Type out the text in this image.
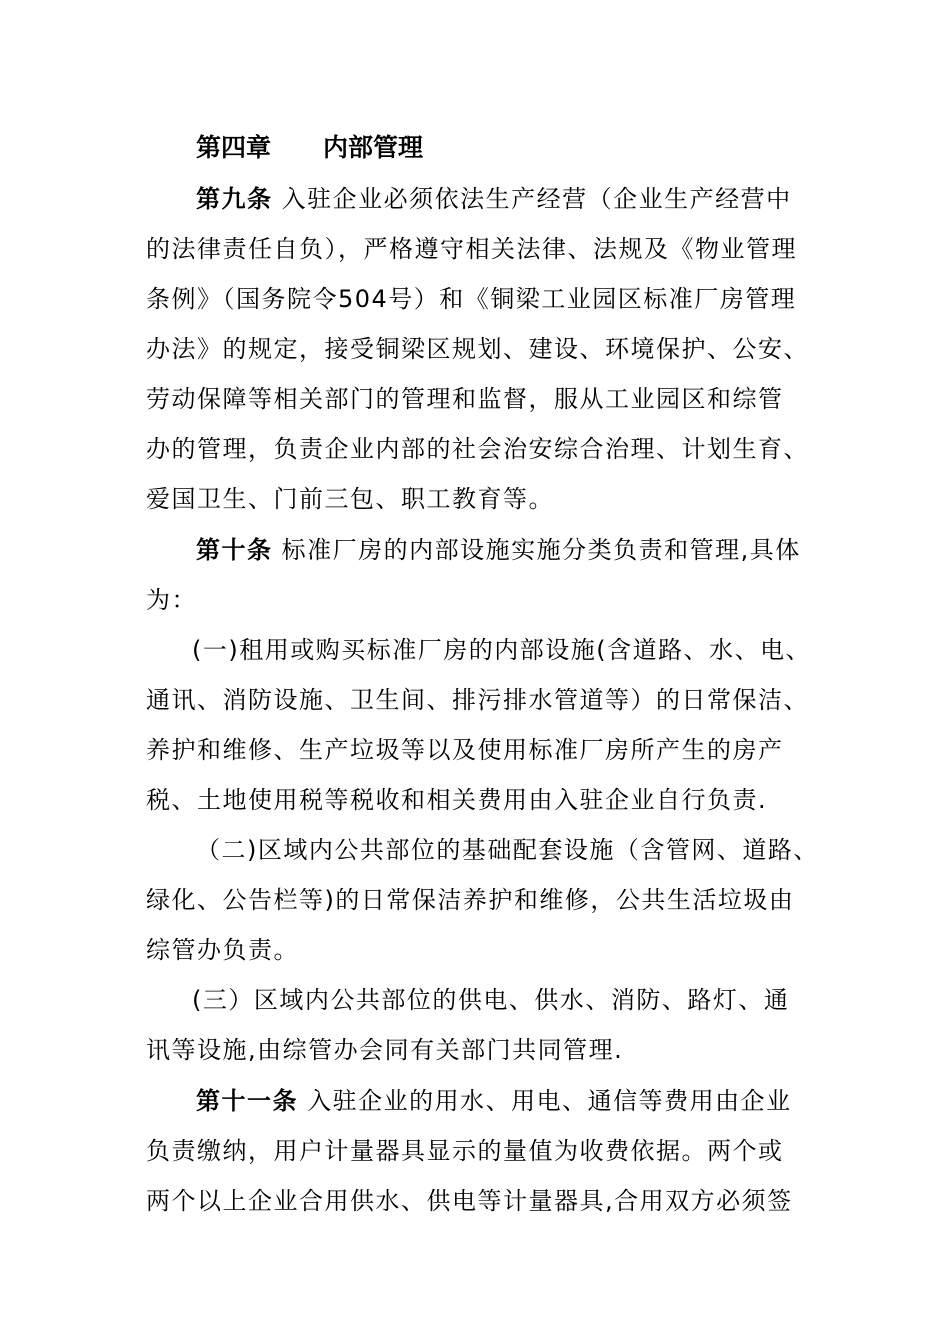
第四章 内部管理
第九条 入驻企业必须依法生产经营（企业生产经营中
的法律责任自负），严格遵守相关法律、法规及《物业管理
条例》（国务院令504号）和《铜梁工业园区标准厂房管理
办法》的规定，接受铜梁区规划、建设、环境保护、公安、
劳动保障等相关部门的管理和监督，服从工业园区和综管
办的管理，负责企业内部的社会治安综合治理、计划生育、
爱国卫生、门前三包、职工教育等。
第十条 标准厂房的内部设施实施分类负责和管理,具体
为：
(一)租用或购买标准厂房的内部设施(含道路、水、电、
通讯、消防设施、卫生间、排污排水管道等）的日常保洁、
养护和维修、生产垃圾等以及使用标准厂房所产生的房产
税、土地使用税等税收和相关费用由入驻企业自行负责.
（二)区域内公共部位的基础配套设施（含管网、道路、
绿化、公告栏等)的日常保洁养护和维修，公共生活垃圾由
综管办负责。
(三）区域内公共部位的供电、供水、消防、路灯、通
讯等设施,由综管办会同有关部门共同管理.
第十一条 入驻企业的用水、用电、通信等费用由企业
负责缴纳，用户计量器具显示的量值为收费依据。两个或
两个以上企业合用供水、供电等计量器具,合用双方必须签
